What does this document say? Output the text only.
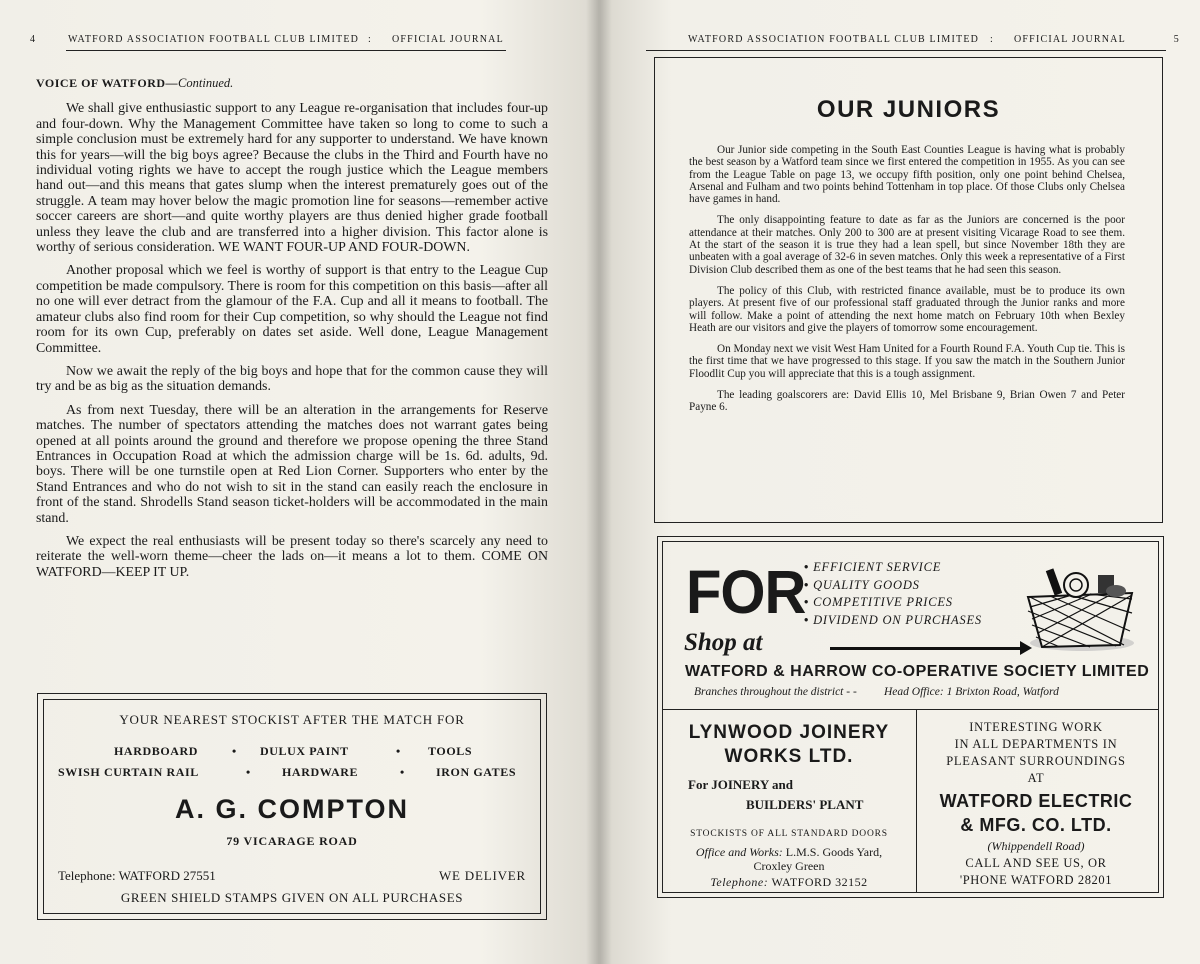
4	WATFORD ASSOCIATION FOOTBALL CLUB LIMITED : OFFICIAL JOURNAL
VOICE OF WATFORD—Continued.

We shall give enthusiastic support to any League re-organisation that includes four-up and four-down. Why the Management Committee have taken so long to come to such a simple conclusion must be extremely hard for any supporter to understand. We have known this for years—will the big boys agree? Because the clubs in the Third and Fourth have no individual voting rights we have to accept the rough justice which the League members hand out—and this means that gates slump when the interest prematurely goes out of the struggle. A team may hover below the magic promotion line for seasons—remember active soccer careers are short—and quite worthy players are thus denied higher grade football unless they leave the club and are transferred into a higher division. This factor alone is worthy of serious consideration. WE WANT FOUR-UP AND FOUR-DOWN.

Another proposal which we feel is worthy of support is that entry to the League Cup competition be made compulsory. There is room for this competition on this basis—after all no one will ever detract from the glamour of the F.A. Cup and all it means to football. The amateur clubs also find room for their Cup competition, so why should the League not find room for its own Cup, preferably on dates set aside. Well done, League Management Committee.

Now we await the reply of the big boys and hope that for the common cause they will try and be as big as the situation demands.

As from next Tuesday, there will be an alteration in the arrangements for Reserve matches. The number of spectators attending the matches does not warrant gates being opened at all points around the ground and therefore we propose opening the three Stand Entrances in Occupation Road at which the admission charge will be 1s. 6d. adults, 9d. boys. There will be one turnstile open at Red Lion Corner. Supporters who enter by the Stand Entrances and who do not wish to sit in the stand can easily reach the enclosure in front of the stand. Shrodells Stand season ticket-holders will be accommodated in the main stand.

We expect the real enthusiasts will be present today so there's scarcely any need to reiterate the well-worn theme—cheer the lads on—it means a lot to them. COME ON WATFORD—KEEP IT UP.

YOUR NEAREST STOCKIST AFTER THE MATCH FOR
HARDBOARD	• DULUX PAINT	• TOOLS
SWISH CURTAIN RAIL	•	HARDWARE	•	IRON GATES
A. G. COMPTON
79 VICARAGE ROAD
Telephone: WATFORD 27551	WE DELIVER
GREEN SHIELD STAMPS GIVEN ON ALL PURCHASES
WATFORD ASSOCIATION FOOTBALL CLUB LIMITED : OFFICIAL JOURNAL	5
OUR JUNIORS

Our Junior side competing in the South East Counties League is having what is probably the best season by a Watford team since we first entered the competition in 1955. As you can see from the League Table on page 13, we occupy fifth position, only one point behind Chelsea, Arsenal and Fulham and two points behind Tottenham in top place. Of those Clubs only Chelsea have games in hand.

The only disappointing feature to date as far as the Juniors are concerned is the poor attendance at their matches. Only 200 to 300 are at present visiting Vicarage Road to see them. At the start of the season it is true they had a lean spell, but since November 18th they are unbeaten with a goal average of 32-6 in seven matches. Only this week a representative of a First Division Club described them as one of the best teams that he had seen this season.

The policy of this Club, with restricted finance available, must be to produce its own players. At present five of our professional staff graduated through the Junior ranks and more will follow. Make a point of attending the next home match on February 10th when Bexley Heath are our visitors and give the players of tomorrow some encouragement.

On Monday next we visit West Ham United for a Fourth Round F.A. Youth Cup tie. This is the first time that we have progressed to this stage. If you saw the match in the Southern Junior Floodlit Cup you will appreciate that this is a tough assignment.

The leading goalscorers are: David Ellis 10, Mel Brisbane 9, Brian Owen 7 and Peter Payne 6.

FOR
• EFFICIENT SERVICE
• QUALITY GOODS
• COMPETITIVE PRICES
• DIVIDEND ON PURCHASES
Shop at
WATFORD & HARROW CO-OPERATIVE SOCIETY LIMITED
Branches throughout the district - - Head Office: 1 Brixton Road, Watford
LYNWOOD JOINERY
WORKS LTD.
For JOINERY and
BUILDERS' PLANT
STOCKISTS OF ALL STANDARD DOORS
Office and Works: L.M.S. Goods Yard,
Croxley Green
Telephone: WATFORD 32152
INTERESTING WORK
IN ALL DEPARTMENTS IN
PLEASANT SURROUNDINGS
AT
WATFORD ELECTRIC
& MFG. CO. LTD.
(Whippendell Road)
CALL AND SEE US, OR
'PHONE WATFORD 28201
